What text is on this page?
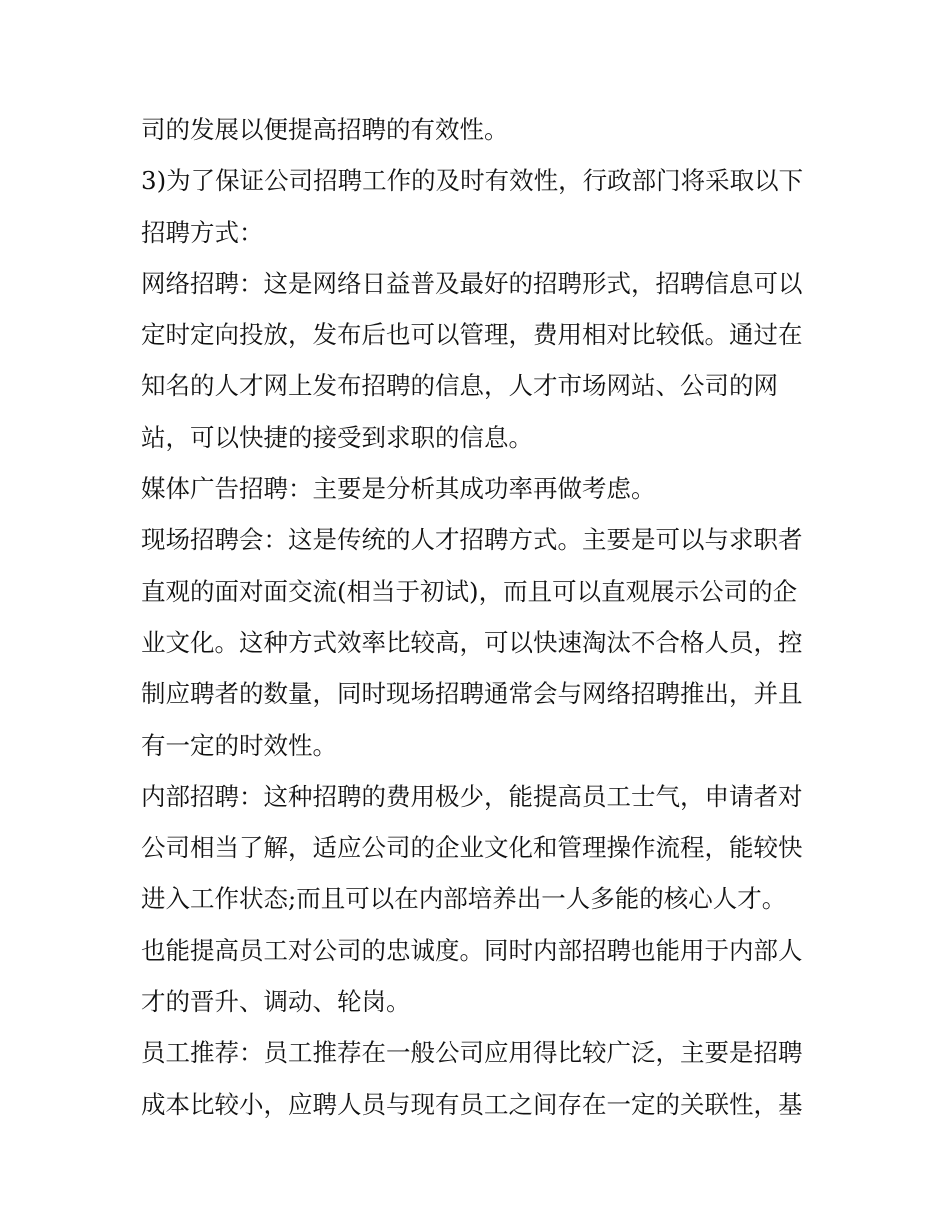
司的发展以便提高招聘的有效性。
3)为了保证公司招聘工作的及时有效性，行政部门将采取以下
招聘方式：
网络招聘：这是网络日益普及最好的招聘形式，招聘信息可以
定时定向投放，发布后也可以管理，费用相对比较低。通过在
知名的人才网上发布招聘的信息，人才市场网站、公司的网
站，可以快捷的接受到求职的信息。
媒体广告招聘：主要是分析其成功率再做考虑。
现场招聘会：这是传统的人才招聘方式。主要是可以与求职者
直观的面对面交流(相当于初试)，而且可以直观展示公司的企
业文化。这种方式效率比较高，可以快速淘汰不合格人员，控
制应聘者的数量，同时现场招聘通常会与网络招聘推出，并且
有一定的时效性。
内部招聘：这种招聘的费用极少，能提高员工士气，申请者对
公司相当了解，适应公司的企业文化和管理操作流程，能较快
进入工作状态;而且可以在内部培养出一人多能的核心人才。
也能提高员工对公司的忠诚度。同时内部招聘也能用于内部人
才的晋升、调动、轮岗。
员工推荐：员工推荐在一般公司应用得比较广泛，主要是招聘
成本比较小，应聘人员与现有员工之间存在一定的关联性，基
